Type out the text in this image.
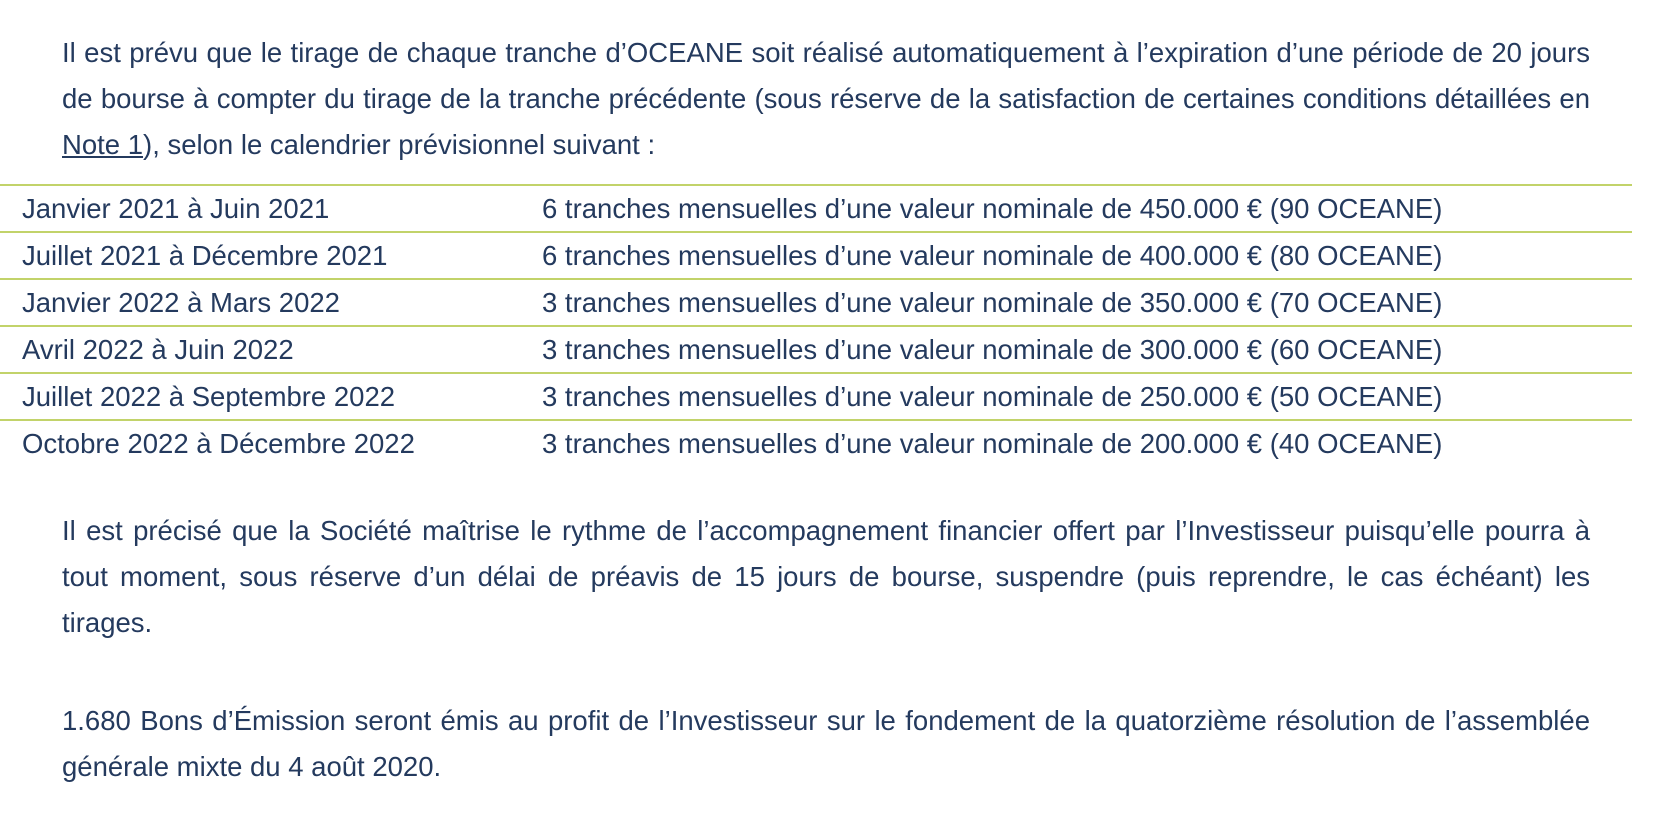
Il est prévu que le tirage de chaque tranche d’OCEANE soit réalisé automatiquement à l’expiration d’une période de 20 jours de bourse à compter du tirage de la tranche précédente (sous réserve de la satisfaction de certaines conditions détaillées en Note 1), selon le calendrier prévisionnel suivant :

Janvier 2021 à Juin 2021	6 tranches mensuelles d’une valeur nominale de 450.000 € (90 OCEANE)
Juillet 2021 à Décembre 2021	6 tranches mensuelles d’une valeur nominale de 400.000 € (80 OCEANE)
Janvier 2022 à Mars 2022	3 tranches mensuelles d’une valeur nominale de 350.000 € (70 OCEANE)
Avril 2022 à Juin 2022	3 tranches mensuelles d’une valeur nominale de 300.000 € (60 OCEANE)
Juillet 2022 à Septembre 2022	3 tranches mensuelles d’une valeur nominale de 250.000 € (50 OCEANE)
Octobre 2022 à Décembre 2022	3 tranches mensuelles d’une valeur nominale de 200.000 € (40 OCEANE)

Il est précisé que la Société maîtrise le rythme de l’accompagnement financier offert par l’Investisseur puisqu’elle pourra à tout moment, sous réserve d’un délai de préavis de 15 jours de bourse, suspendre (puis reprendre, le cas échéant) les tirages.

1.680 Bons d’Émission seront émis au profit de l’Investisseur sur le fondement de la quatorzième résolution de l’assemblée générale mixte du 4 août 2020.
